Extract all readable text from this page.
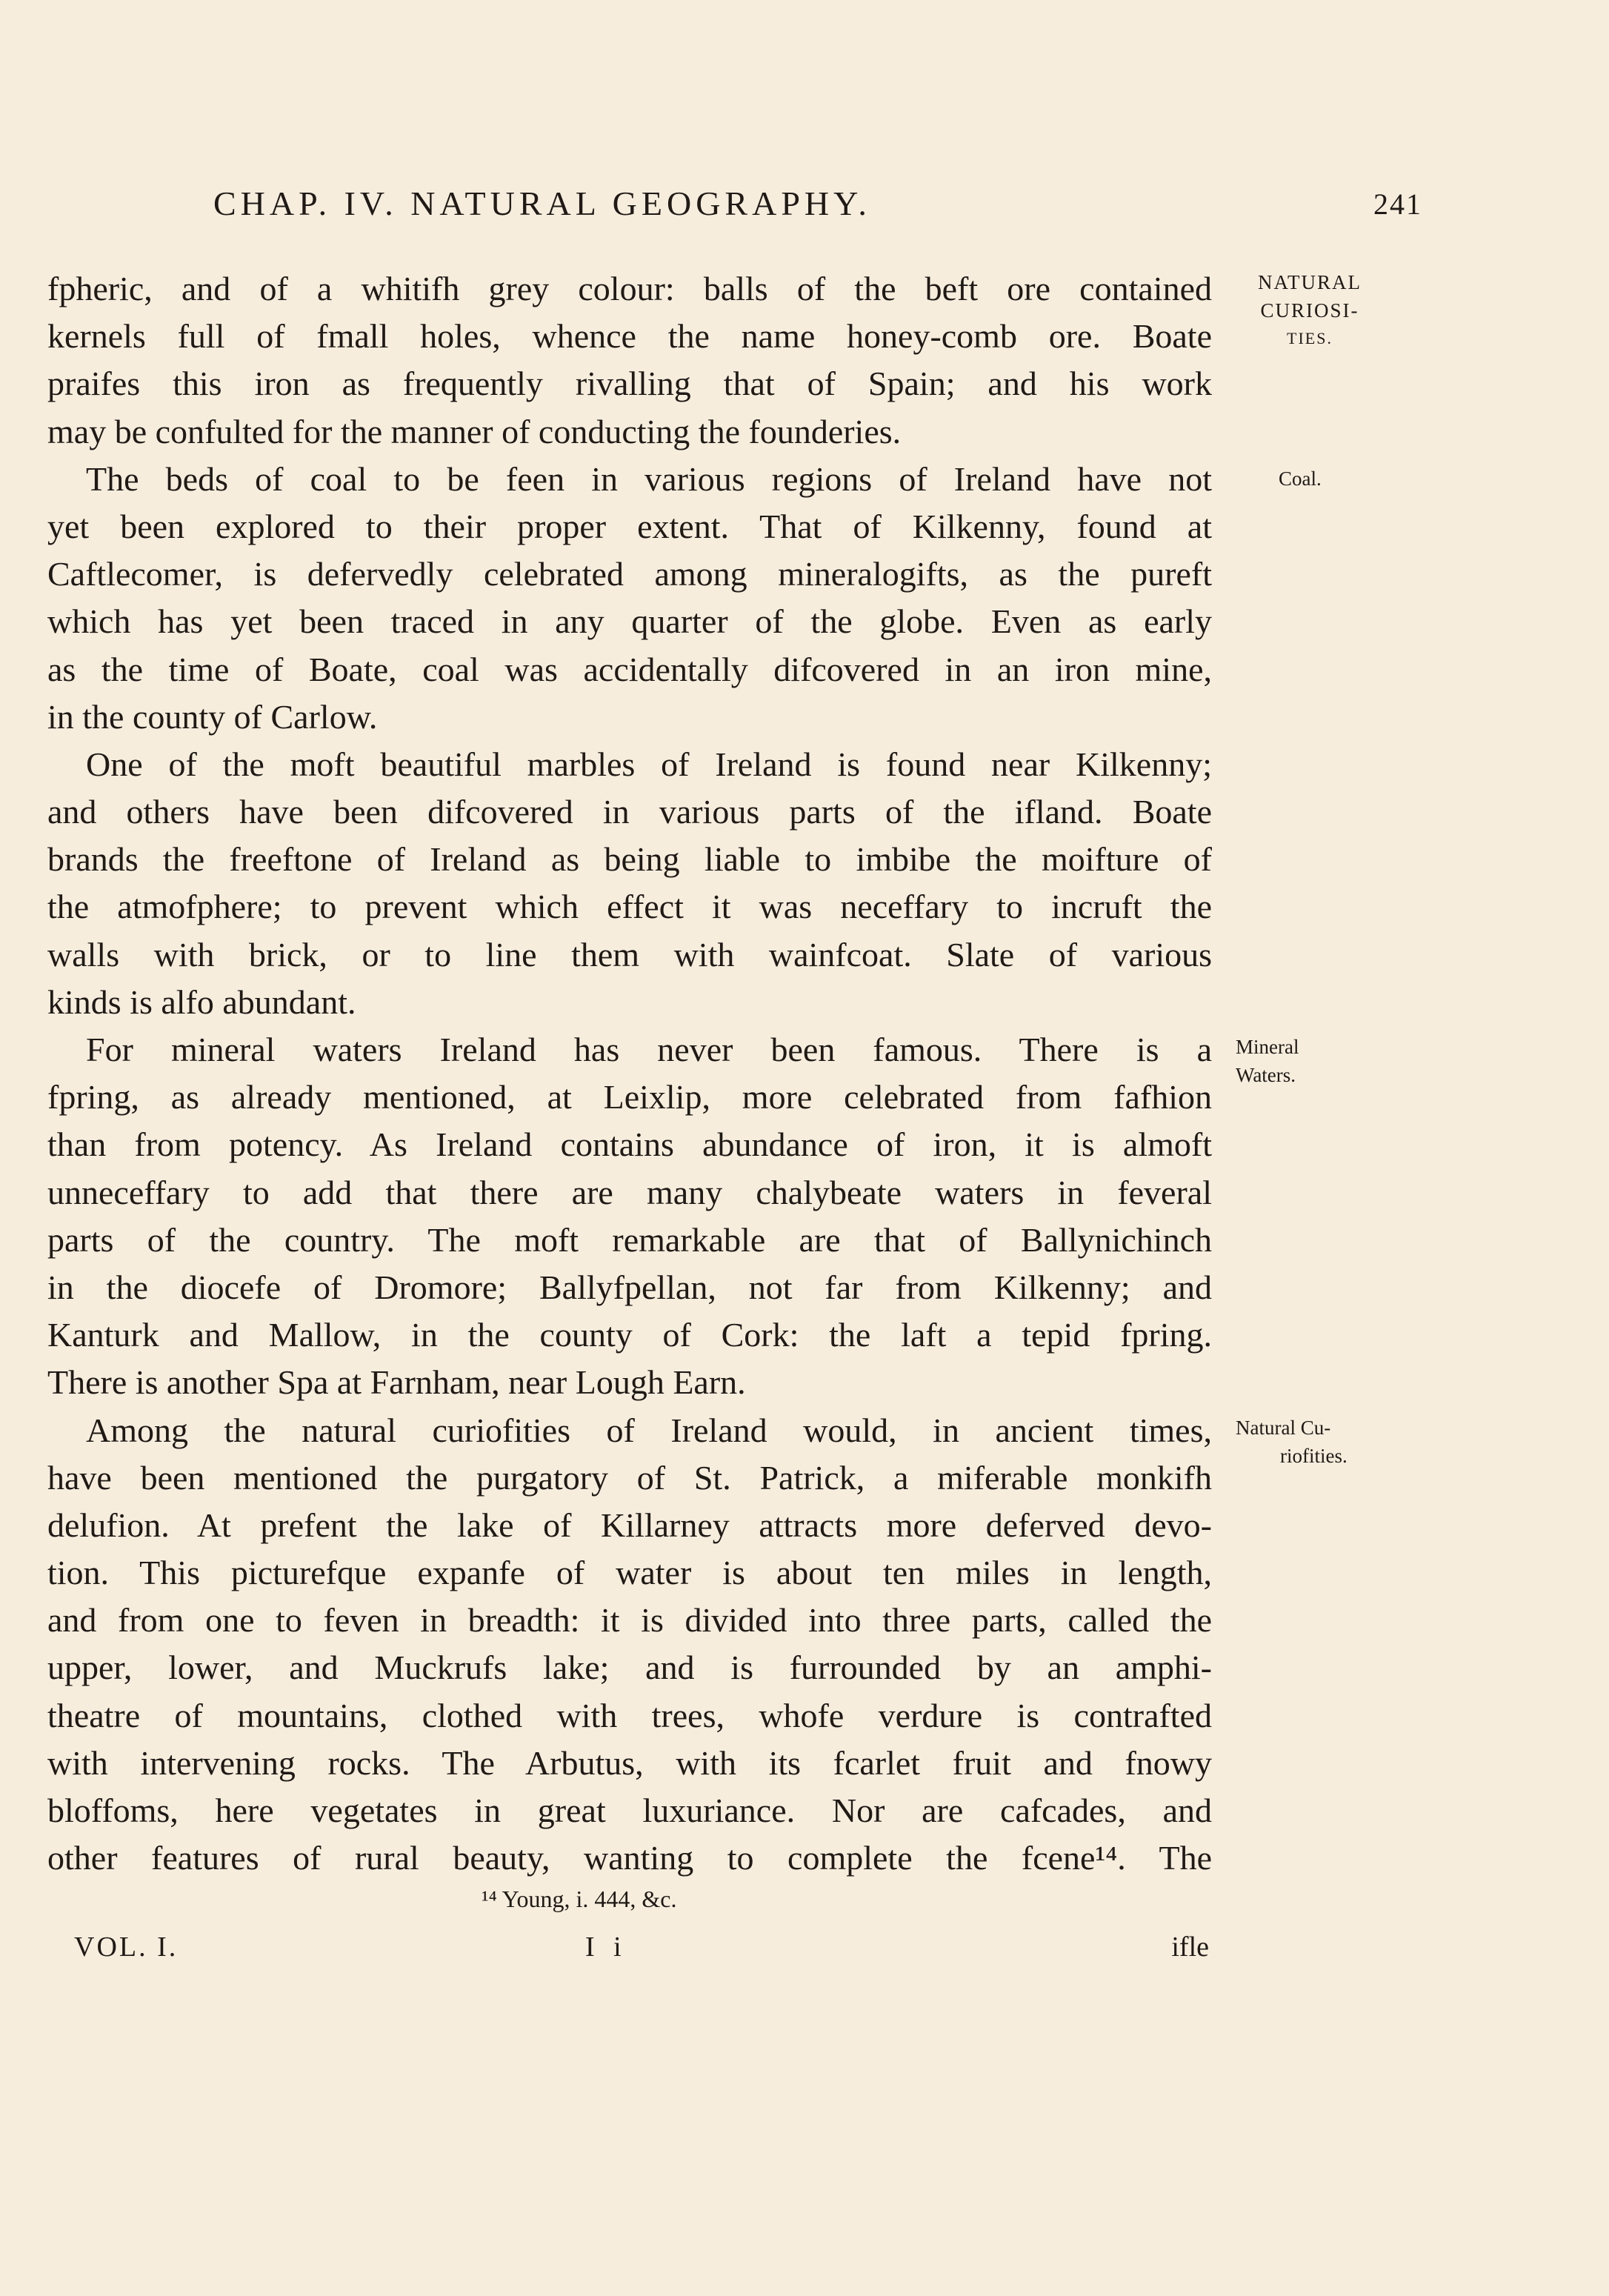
CHAP. IV. NATURAL GEOGRAPHY.	241
fpheric, and of a whitifh grey colour: balls of the beft ore contained
kernels full of fmall holes, whence the name honey-comb ore. Boate
praifes this iron as frequently rivalling that of Spain; and his work
may be confulted for the manner of conducting the founderies.
The beds of coal to be feen in various regions of Ireland have not
yet been explored to their proper extent. That of Kilkenny, found at
Caftlecomer, is defervedly celebrated among mineralogifts, as the pureft
which has yet been traced in any quarter of the globe. Even as early
as the time of Boate, coal was accidentally difcovered in an iron mine,
in the county of Carlow.
One of the moft beautiful marbles of Ireland is found near Kilkenny;
and others have been difcovered in various parts of the ifland. Boate
brands the freeftone of Ireland as being liable to imbibe the moifture of
the atmofphere; to prevent which effect it was neceffary to incruft the
walls with brick, or to line them with wainfcoat. Slate of various
kinds is alfo abundant.
For mineral waters Ireland has never been famous. There is a
fpring, as already mentioned, at Leixlip, more celebrated from fafhion
than from potency. As Ireland contains abundance of iron, it is almoft
unneceffary to add that there are many chalybeate waters in feveral
parts of the country. The moft remarkable are that of Ballynichinch
in the diocefe of Dromore; Ballyfpellan, not far from Kilkenny; and
Kanturk and Mallow, in the county of Cork: the laft a tepid fpring.
There is another Spa at Farnham, near Lough Earn.
Among the natural curiofities of Ireland would, in ancient times,
have been mentioned the purgatory of St. Patrick, a miferable monkifh
delufion. At prefent the lake of Killarney attracts more deferved devo-
tion. This picturefque expanfe of water is about ten miles in length,
and from one to feven in breadth: it is divided into three parts, called the
upper, lower, and Muckrufs lake; and is furrounded by an amphi-
theatre of mountains, clothed with trees, whofe verdure is contrafted
with intervening rocks. The Arbutus, with its fcarlet fruit and fnowy
bloffoms, here vegetates in great luxuriance. Nor are cafcades, and
other features of rural beauty, wanting to complete the fcene¹⁴. The
NATURAL
CURIOSI-
TIES.
Coal.
Mineral
Waters.
Natural Cu-
riofities.
¹⁴ Young, i. 444, &c.
VOL. I.	I i	ifle
